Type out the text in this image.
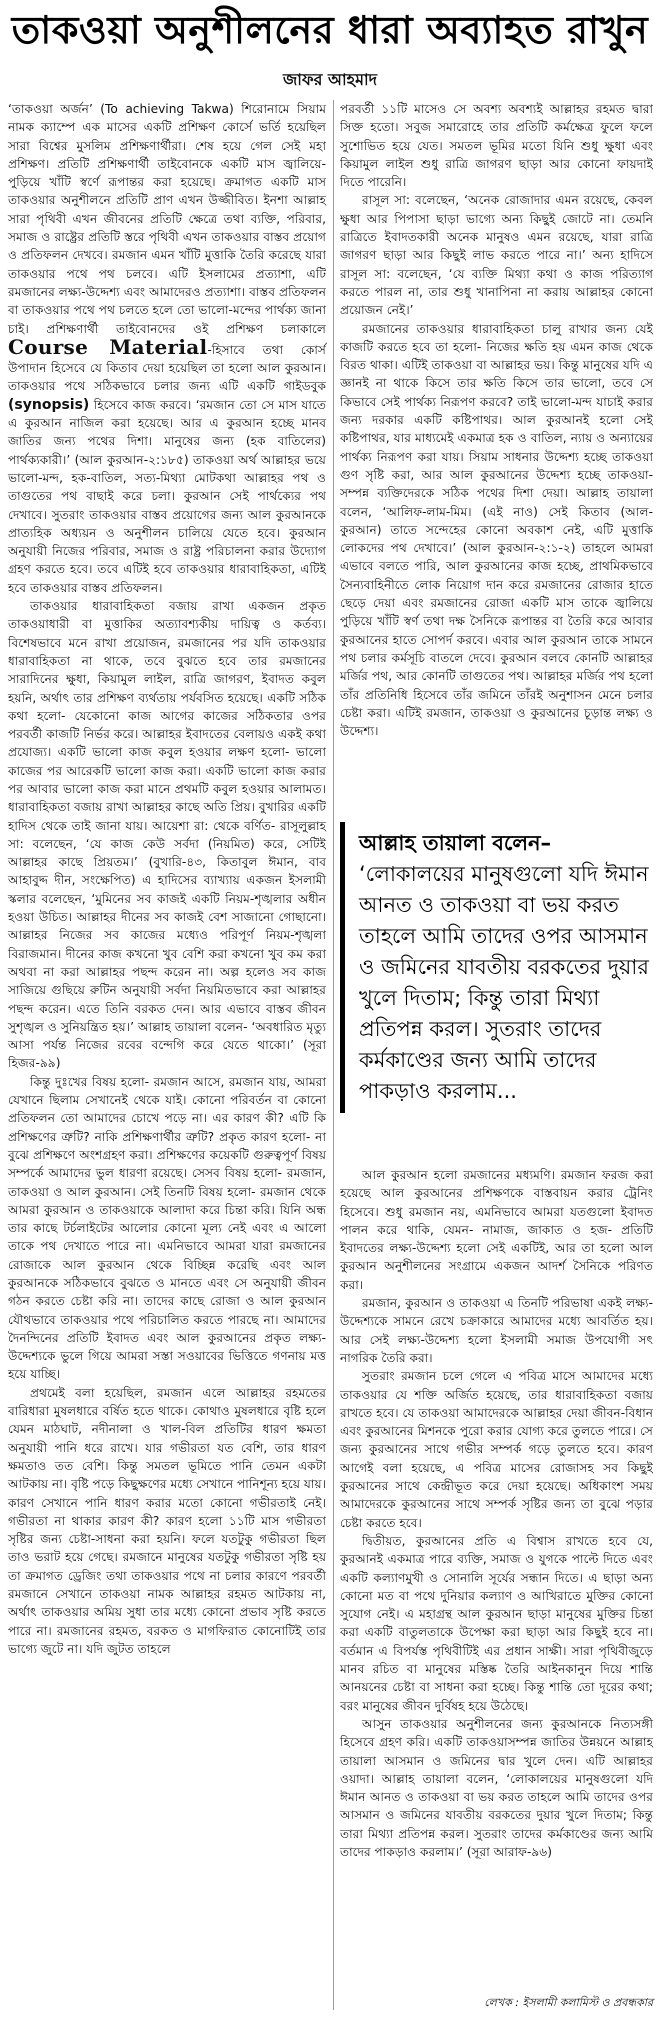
তাকওয়া অনুশীলনের ধারা অব্যাহত রাখুন
জাফর আহমাদ

‘তাকওয়া অর্জন’ (To achieving Takwa) শিরোনামে সিয়াম নামক ক্যাম্পে এক মাসের একটি প্রশিক্ষণ কোর্সে ভর্তি হয়েছিল সারা বিশ্বের মুসলিম প্রশিক্ষণার্থীরা। শেষ হয়ে গেল সেই মহা প্রশিক্ষণ। প্রতিটি প্রশিক্ষণার্থী তাইবোনকে একটি মাস জ্বালিয়ে-পুড়িয়ে খাঁটি স্বর্ণে রূপান্তর করা হয়েছে। ক্রমাগত একটি মাস তাকওয়ার অনুশীলনে প্রতিটি প্রাণ এখন উজ্জীবিত। ইনশা আল্লাহ সারা পৃথিবী এখন জীবনের প্রতিটি ক্ষেত্রে তথা ব্যক্তি, পরিবার, সমাজ ও রাষ্ট্রের প্রতিটি স্তরে পৃথিবী এখন তাকওয়ার বাস্তব প্রয়োগ ও প্রতিফলন দেখবে। রমজান এমন খাঁটি মুত্তাকি তৈরি করেছে যারা তাকওয়ার পথে পথ চলবে। এটি ইসলামের প্রত্যাশা, এটি রমজানের লক্ষ্য-উদ্দেশ্য এবং আমাদেরও প্রত্যাশা। বাস্তব প্রতিফলন বা তাকওয়ার পথে পথ চলতে হলে তো ভালো-মন্দের পার্থক্য জানা চাই। প্রশিক্ষণার্থী তাইবোনদের ওই প্রশিক্ষণ চলাকালে Course Material-হিসাবে তথা কোর্স উপাদান হিসেবে যে কিতাব দেয়া হয়েছিল তা হলো আল কুরআন। তাকওয়ার পথে সঠিকভাবে চলার জন্য এটি একটি গাইডবুক (synopsis) হিসেবে কাজ করবে। ‘রমজান তো সে মাস যাতে এ কুরআন নাজিল করা হয়েছে। আর এ কুরআন হচ্ছে মানব জাতির জন্য পথের দিশা। মানুষের জন্য (হক বাতিলের) পার্থক্যকারী।’ (আল কুরআন-২:১৮৫) তাকওয়া অর্থ আল্লাহর ভয়ে ভালো-মন্দ, হক-বাতিল, সত্য-মিথ্যা মোটকথা আল্লাহর পথ ও তাগুতের পথ বাছাই করে চলা। কুরআন সেই পার্থক্যের পথ দেখাবে। সুতরাং তাকওয়ার বাস্তব প্রয়োগের জন্য আল কুরআনকে প্রাত্যহিক অধ্যয়ন ও অনুশীলন চালিয়ে যেতে হবে। কুরআন অনুযায়ী নিজের পরিবার, সমাজ ও রাষ্ট্র পরিচালনা করার উদ্যোগ গ্রহণ করতে হবে। তবে এটিই হবে তাকওয়ার ধারাবাহিকতা, এটিই হবে তাকওয়ার বাস্তব প্রতিফলন।

তাকওয়ার ধারাবাহিকতা বজায় রাখা একজন প্রকৃত তাকওয়াধারী বা মুত্তাকির অত্যাবশ্যকীয় দায়িত্ব ও কর্তব্য। বিশেষভাবে মনে রাখা প্রয়োজন, রমজানের পর যদি তাকওয়ার ধারাবাহিকতা না থাকে, তবে বুঝতে হবে তার রমজানের সারাদিনের ক্ষুধা, কিয়ামুল লাইল, রাত্রি জাগরণ, ইবাদত কবুল হয়নি, অর্থাৎ তার প্রশিক্ষণ ব্যর্থতায় পর্যবসিত হয়েছে। একটি সঠিক কথা হলো- যেকোনো কাজ আগের কাজের সঠিকতার ওপর পরবর্তী কাজটি নির্ভর করে। আল্লাহর ইবাদতের বেলায়ও একই কথা প্রযোজ্য। একটি ভালো কাজ কবুল হওয়ার লক্ষণ হলো- ভালো কাজের পর আরেকটি ভালো কাজ করা। একটি ভালো কাজ করার পর আবার ভালো কাজ করা মানে প্রথমটি কবুল হওয়ার আলামত। ধারাবাহিকতা বজায় রাখা আল্লাহর কাছে অতি প্রিয়। বুখারির একটি হাদিস থেকে তাই জানা যায়। আয়েশা রা: থেকে বর্ণিত- রাসূলুল্লাহ সা: বলেছেন, ‘যে কাজ কেউ সর্বদা (নিয়মিত) করে, সেটিই আল্লাহর কাছে প্রিয়তম।’ (বুখারি-৪৩, কিতাবুল ঈমান, বাব আহাবুদ্দ দীন, সংক্ষেপিত) এ হাদিসের ব্যাখ্যায় একজন ইসলামী স্কলার বলেছেন, ‘মুমিনের সব কাজই একটি নিয়ম-শৃঙ্খলার অধীন হওয়া উচিত। আল্লাহর দীনের সব কাজই বেশ সাজানো গোছানো। আল্লাহর নিজের সব কাজের মধ্যেও পরিপূর্ণ নিয়ম-শৃঙ্খলা বিরাজমান। দীনের কাজ কখনো খুব বেশি করা কখনো খুব কম করা অথবা না করা আল্লাহর পছন্দ করেন না। অল্প হলেও সব কাজ সাজিয়ে গুছিয়ে রুটিন অনুযায়ী সর্বদা নিয়মিতভাবে করা আল্লাহর পছন্দ করেন। এতে তিনি বরকত দেন। আর এভাবে বাস্তব জীবন সুশৃঙ্খল ও সুনিয়ন্ত্রিত হয়।’ আল্লাহ তায়ালা বলেন- ‘অবধারিত মৃত্যু আসা পর্যন্ত নিজের রবের বন্দেগি করে যেতে থাকো।’ (সূরা হিজর-৯৯)

কিন্তু দুঃখের বিষয় হলো- রমজান আসে, রমজান যায়, আমরা যেখানে ছিলাম সেখানেই থেকে যাই। কোনো পরিবর্তন বা কোনো প্রতিফলন তো আমাদের চোখে পড়ে না। এর কারণ কী? এটি কি প্রশিক্ষণের ত্রুটি? নাকি প্রশিক্ষণার্থীর ত্রুটি? প্রকৃত কারণ হলো- না বুঝে প্রশিক্ষণে অংশগ্রহণ করা। প্রশিক্ষণের কয়েকটি গুরুত্বপূর্ণ বিষয় সম্পর্কে আমাদের ভুল ধারণা রয়েছে। সেসব বিষয় হলো- রমজান, তাকওয়া ও আল কুরআন। সেই তিনটি বিষয় হলো- রমজান থেকে আমরা কুরআন ও তাকওয়াকে আলাদা করে চিন্তা করি। যিনি অন্ধ তার কাছে টর্চলাইটের আলোর কোনো মূল্য নেই এবং এ আলো তাকে পথ দেখাতে পারে না। এমনিভাবে আমরা যারা রমজানের রোজাকে আল কুরআন থেকে বিচ্ছিন্ন করেছি এবং আল কুরআনকে সঠিকভাবে বুঝতে ও মানতে এবং সে অনুযায়ী জীবন গঠন করতে চেষ্টা করি না। তাদের কাছে রোজা ও আল কুরআন যৌথভাবে তাকওয়ার পথে পরিচালিত করতে পারছে না। আমাদের দৈনন্দিনের প্রতিটি ইবাদত এবং আল কুরআনের প্রকৃত লক্ষ্য-উদ্দেশ্যকে ভুলে গিয়ে আমরা সস্তা সওয়াবের ভিত্তিতে গণনায় মত্ত হয়ে যাচ্ছি।

প্রথমেই বলা হয়েছিল, রমজান এলে আল্লাহর রহমতের বারিধারা মুষলধারে বর্ষিত হতে থাকে। কোথাও মুষলধারে বৃষ্টি হলে যেমন মাঠঘাট, নদীনালা ও খাল-বিল প্রতিটির ধারণ ক্ষমতা অনুযায়ী পানি ধরে রাখে। যার গভীরতা যত বেশি, তার ধারণ ক্ষমতাও তত বেশি। কিন্তু সমতল ভূমিতে পানি তেমন একটা আটকায় না। বৃষ্টি পড়ে কিছুক্ষণের মধ্যে সেখানে পানিশূন্য হয়ে যায়। কারণ সেখানে পানি ধারণ করার মতো কোনো গভীরতাই নেই। গভীরতা না থাকার কারণ কী? কারণ হলো ১১টি মাস গভীরতা সৃষ্টির জন্য চেষ্টা-সাধনা করা হয়নি। ফলে যতটুকু গভীরতা ছিল তাও ভরাট হয়ে গেছে। রমজানে মানুষের যতটুকু গভীরতা সৃষ্টি হয় তা ক্রমাগত ড্রেজিং তথা তাকওয়ার পথে না চলার কারণে পরবর্তী রমজানে সেখানে তাকওয়া নামক আল্লাহর রহমত আটকায় না, অর্থাৎ তাকওয়ার অমিয় সুধা তার মধ্যে কোনো প্রভাব সৃষ্টি করতে পারে না। রমজানের রহমত, বরকত ও মাগফিরাত কোনোটিই তার ভাগ্যে জুটে না। যদি জুটত তাহলে

পরবর্তী ১১টি মাসেও সে অবশ্য অবশ্যই আল্লাহর রহমত দ্বারা সিক্ত হতো। সবুজ সমারোহে তার প্রতিটি কর্মক্ষেত্র ফুলে ফলে সুশোভিত হয়ে যেত। সমতল ভূমির মতো যিনি শুধু ক্ষুধা এবং কিয়ামুল লাইল শুধু রাত্রি জাগরণ ছাড়া আর কোনো ফায়দাই দিতে পারেনি।

রাসূল সা: বলেছেন, ‘অনেক রোজাদার এমন রয়েছে, কেবল ক্ষুধা আর পিপাসা ছাড়া ভাগ্যে অন্য কিছুই জোটে না। তেমনি রাত্রিতে ইবাদতকারী অনেক মানুষও এমন রয়েছে, যারা রাত্রি জাগরণ ছাড়া আর কিছুই লাভ করতে পারে না।’ অন্য হাদিসে রাসূল সা: বলেছেন, ‘যে ব্যক্তি মিথ্যা কথা ও কাজ পরিত্যাগ করতে পারল না, তার শুধু খানাপিনা না করায় আল্লাহর কোনো প্রয়োজন নেই।’

রমজানের তাকওয়ার ধারাবাহিকতা চালু রাখার জন্য যেই কাজটি করতে হবে তা হলো- নিজের ক্ষতি হয় এমন কাজ থেকে বিরত থাকা। এটিই তাকওয়া বা আল্লাহর ভয়। কিন্তু মানুষের যদি এ জ্ঞানই না থাকে কিসে তার ক্ষতি কিসে তার ভালো, তবে সে কিভাবে সেই পার্থক্য নিরূপণ করবে? তাই ভালো-মন্দ যাচাই করার জন্য দরকার একটি কষ্টিপাথর। আল কুরআনই হলো সেই কষ্টিপাথর, যার মাধ্যমেই একমাত্র হক ও বাতিল, ন্যায় ও অন্যায়ের পার্থক্য নিরূপণ করা যায়। সিয়াম সাধনার উদ্দেশ্য হচ্ছে তাকওয়া গুণ সৃষ্টি করা, আর আল কুরআনের উদ্দেশ্য হচ্ছে তাকওয়া-সম্পন্ন ব্যক্তিদেরকে সঠিক পথের দিশা দেয়া। আল্লাহ তায়ালা বলেন, ‘আলিফ-লাম-মিম। (এই নাও) সেই কিতাব (আল-কুরআন) তাতে সন্দেহের কোনো অবকাশ নেই, এটি মুত্তাকি লোকদের পথ দেখাবে।’ (আল কুরআন-২:১-২) তাহলে আমরা এভাবে বলতে পারি, আল কুরআনের কাজ হচ্ছে, প্রাথমিকভাবে সৈন্যবাহিনীতে লোক নিয়োগ দান করে রমজানের রোজার হাতে ছেড়ে দেয়া এবং রমজানের রোজা একটি মাস তাকে জ্বালিয়ে পুড়িয়ে খাঁটি স্বর্ণ তথা দক্ষ সৈনিকে রূপান্তর বা তৈরি করে আবার কুরআনের হাতে সোপর্দ করবে। এবার আল কুরআন তাকে সামনে পথ চলার কর্মসূচি বাতলে দেবে। কুরআন বলবে কোনটি আল্লাহর মর্জির পথ, আর কোনটি তাগুতের পথ। আল্লাহর মর্জির পথ হলো তাঁর প্রতিনিধি হিসেবে তাঁর জমিনে তাঁরই অনুশাসন মেনে চলার চেষ্টা করা। এটিই রমজান, তাকওয়া ও কুরআনের চূড়ান্ত লক্ষ্য ও উদ্দেশ্য।

আল্লাহ তায়ালা বলেন–
‘লোকালয়ের মানুষগুলো যদি ঈমান আনত ও তাকওয়া বা ভয় করত তাহলে আমি তাদের ওপর আসমান ও জমিনের যাবতীয় বরকতের দুয়ার খুলে দিতাম; কিন্তু তারা মিথ্যা প্রতিপন্ন করল। সুতরাং তাদের কর্মকাণ্ডের জন্য আমি তাদের পাকড়াও করলাম...

আল কুরআন হলো রমজানের মধ্যমণি। রমজান ফরজ করা হয়েছে আল কুরআনের প্রশিক্ষণকে বাস্তবায়ন করার ট্রেনিং হিসেবে। শুধু রমজান নয়, এমনিভাবে আমরা যতগুলো ইবাদত পালন করে থাকি, যেমন- নামাজ, জাকাত ও হজ- প্রতিটি ইবাদতের লক্ষ্য-উদ্দেশ্য হলো সেই একটিই, আর তা হলো আল কুরআন অনুশীলনের সংগ্রামে একজন আদর্শ সৈনিকে পরিণত করা।

রমজান, কুরআন ও তাকওয়া এ তিনটি পরিভাষা একই লক্ষ্য-উদ্দেশ্যকে সামনে রেখে চক্রাকারে আমাদের মধ্যে আবর্তিত হয়। আর সেই লক্ষ্য-উদ্দেশ্য হলো ইসলামী সমাজ উপযোগী সৎ নাগরিক তৈরি করা।

সুতরাং রমজান চলে গেলে এ পবিত্র মাসে আমাদের মধ্যে তাকওয়ার যে শক্তি অর্জিত হয়েছে, তার ধারাবাহিকতা বজায় রাখতে হবে। যে তাকওয়া আমাদেরকে আল্লাহর দেয়া জীবন-বিধান এবং কুরআনের মিশনকে পুরো করার যোগ্য করে তুলতে পারে। সে জন্য কুরআনের সাথে গভীর সম্পর্ক গড়ে তুলতে হবে। কারণ আগেই বলা হয়েছে, এ পবিত্র মাসের রোজাসহ সব কিছুই কুরআনের সাথে কেন্দ্রীভূত করে দেয়া হয়েছে। অধিকাংশ সময় আমাদেরকে কুরআনের সাথে সম্পর্ক সৃষ্টির জন্য তা বুঝে পড়ার চেষ্টা করতে হবে।

দ্বিতীয়ত, কুরআনের প্রতি এ বিশ্বাস রাখতে হবে যে, কুরআনই একমাত্র পারে ব্যক্তি, সমাজ ও যুগকে পাল্টে দিতে এবং একটি কল্যাণমুখী ও সোনালি সূর্যের সন্ধান দিতে। এ ছাড়া অন্য কোনো মত বা পথে দুনিয়ার কল্যাণ ও আখিরাতে মুক্তির কোনো সুযোগ নেই। এ মহাগ্রন্থ আল কুরআন ছাড়া মানুষের মুক্তির চিন্তা করা একটি বাতুলতাকে উপেক্ষা করা ছাড়া আর কিছুই হবে না। বর্তমান এ বিপর্যস্ত পৃথিবীটিই এর প্রধান সাক্ষী। সারা পৃথিবীজুড়ে মানব রচিত বা মানুষের মস্তিষ্ক তৈরি আইনকানুন দিয়ে শান্তি আনয়নের চেষ্টা বা সাধনা করা হচ্ছে। কিন্তু শান্তি তো দূরের কথা; বরং মানুষের জীবন দুর্বিষহ হয়ে উঠেছে।

আসুন তাকওয়ার অনুশীলনের জন্য কুরআনকে নিত্যসঙ্গী হিসেবে গ্রহণ করি। একটি তাকওয়াসম্পন্ন জাতির উন্নয়নে আল্লাহ তায়ালা আসমান ও জমিনের দ্বার খুলে দেন। এটি আল্লাহর ওয়াদা। আল্লাহ তায়ালা বলেন, ‘লোকালয়ের মানুষগুলো যদি ঈমান আনত ও তাকওয়া বা ভয় করত তাহলে আমি তাদের ওপর আসমান ও জমিনের যাবতীয় বরকতের দুয়ার খুলে দিতাম; কিন্তু তারা মিথ্যা প্রতিপন্ন করল। সুতরাং তাদের কর্মকাণ্ডের জন্য আমি তাদের পাকড়াও করলাম।’ (সূরা আরাফ-৯৬)

লেখক : ইসলামী কলামিস্ট ও প্রবন্ধকার
